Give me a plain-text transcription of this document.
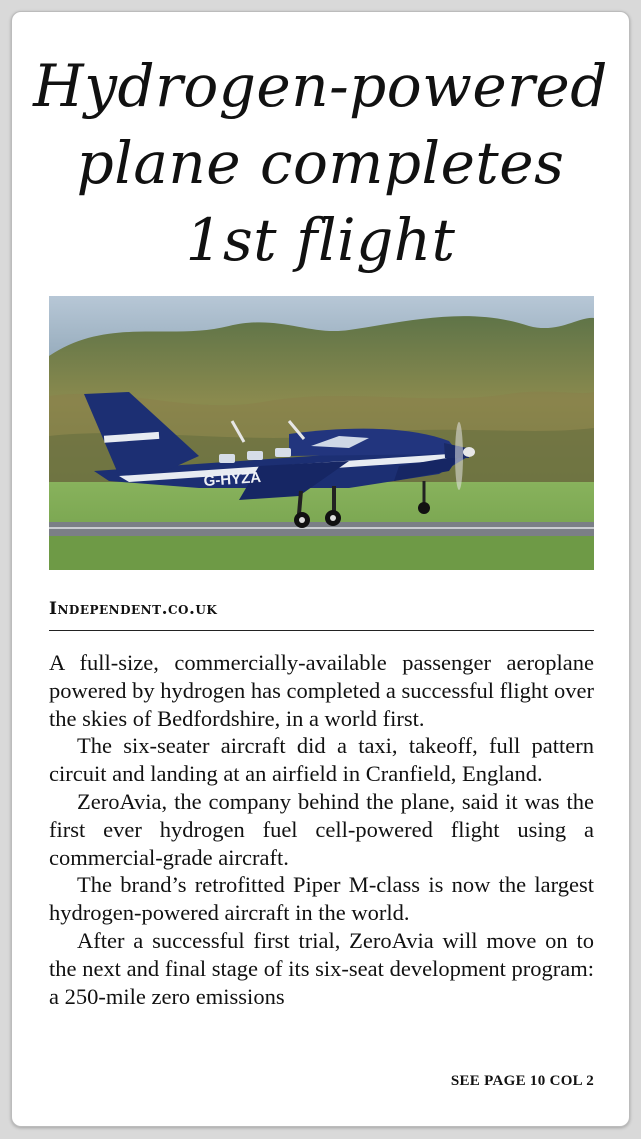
Hydrogen-powered
plane completes
1st flight
G-HYZA
Independent.co.uk

A full-size, commercially-available passenger aeroplane powered by hydrogen has completed a successful flight over the skies of Bedfordshire, in a world first.

The six-seater aircraft did a taxi, takeoff, full pattern circuit and landing at an airfield in Cranfield, England.

ZeroAvia, the company behind the plane, said it was the first ever hydrogen fuel cell-powered flight using a commercial-grade aircraft.

The brand’s retrofitted Piper M-class is now the largest hydrogen-powered aircraft in the world.

After a successful first trial, ZeroAvia will move on to the next and final stage of its six-seat development program: a 250-mile zero emissions

SEE PAGE 10 COL 2
